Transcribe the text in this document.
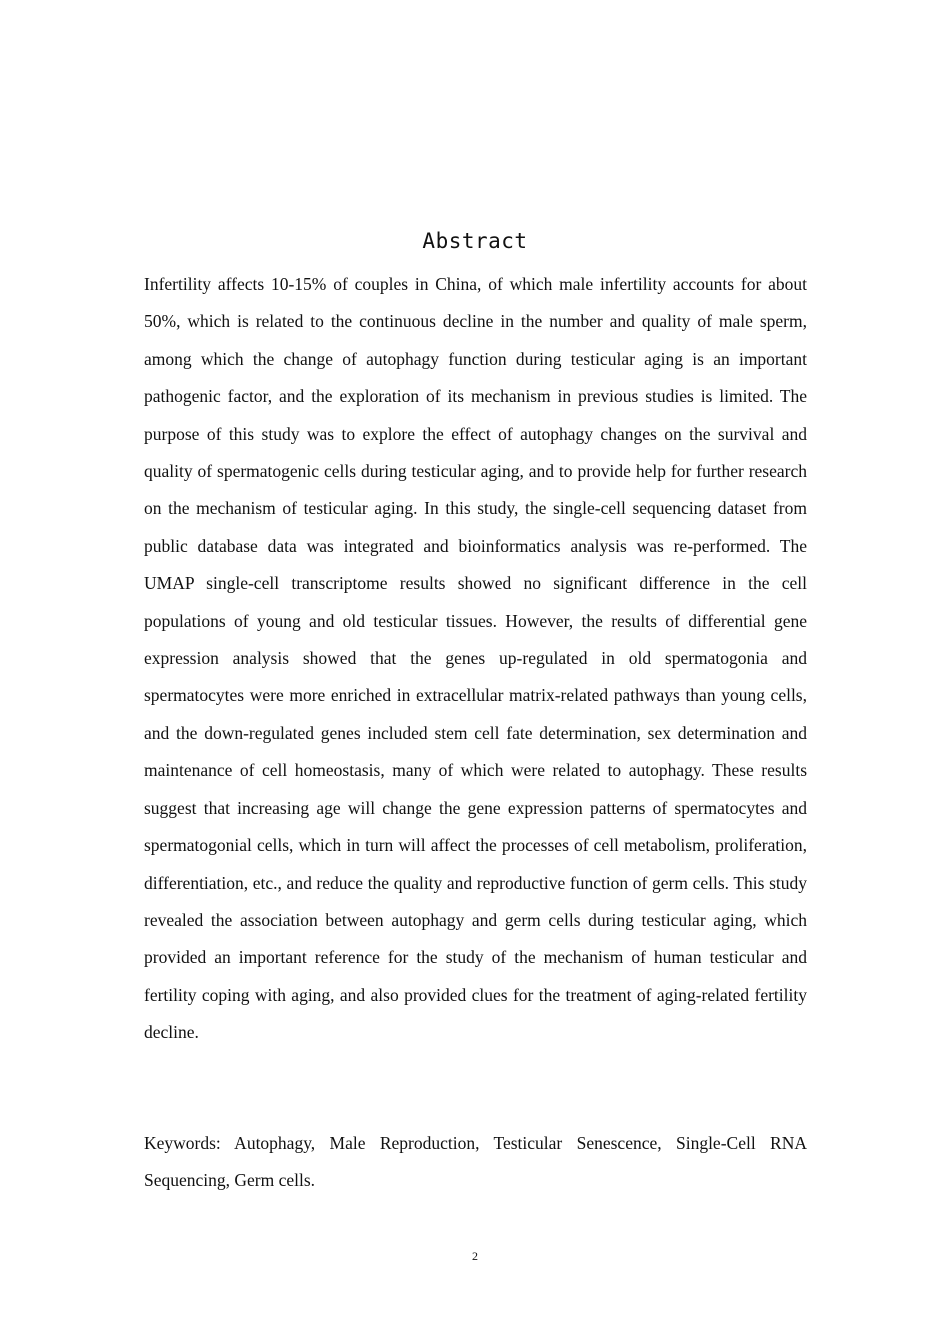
Abstract

Infertility affects 10-15% of couples in China, of which male infertility accounts for about 50%, which is related to the continuous decline in the number and quality of male sperm, among which the change of autophagy function during testicular aging is an important pathogenic factor, and the exploration of its mechanism in previous studies is limited. The purpose of this study was to explore the effect of autophagy changes on the survival and quality of spermatogenic cells during testicular aging, and to provide help for further research on the mechanism of testicular aging. In this study, the single-cell sequencing dataset from public database data was integrated and bioinformatics analysis was re-performed. The UMAP single-cell transcriptome results showed no significant difference in the cell populations of young and old testicular tissues. However, the results of differential gene expression analysis showed that the genes up-regulated in old spermatogonia and spermatocytes were more enriched in extracellular matrix-related pathways than young cells, and the down-regulated genes included stem cell fate determination, sex determination and maintenance of cell homeostasis, many of which were related to autophagy. These results suggest that increasing age will change the gene expression patterns of spermatocytes and spermatogonial cells, which in turn will affect the processes of cell metabolism, proliferation, differentiation, etc., and reduce the quality and reproductive function of germ cells. This study revealed the association between autophagy and germ cells during testicular aging, which provided an important reference for the study of the mechanism of human testicular and fertility coping with aging, and also provided clues for the treatment of aging-related fertility decline.

Keywords: Autophagy, Male Reproduction, Testicular Senescence, Single-Cell RNA Sequencing, Germ cells.

2
